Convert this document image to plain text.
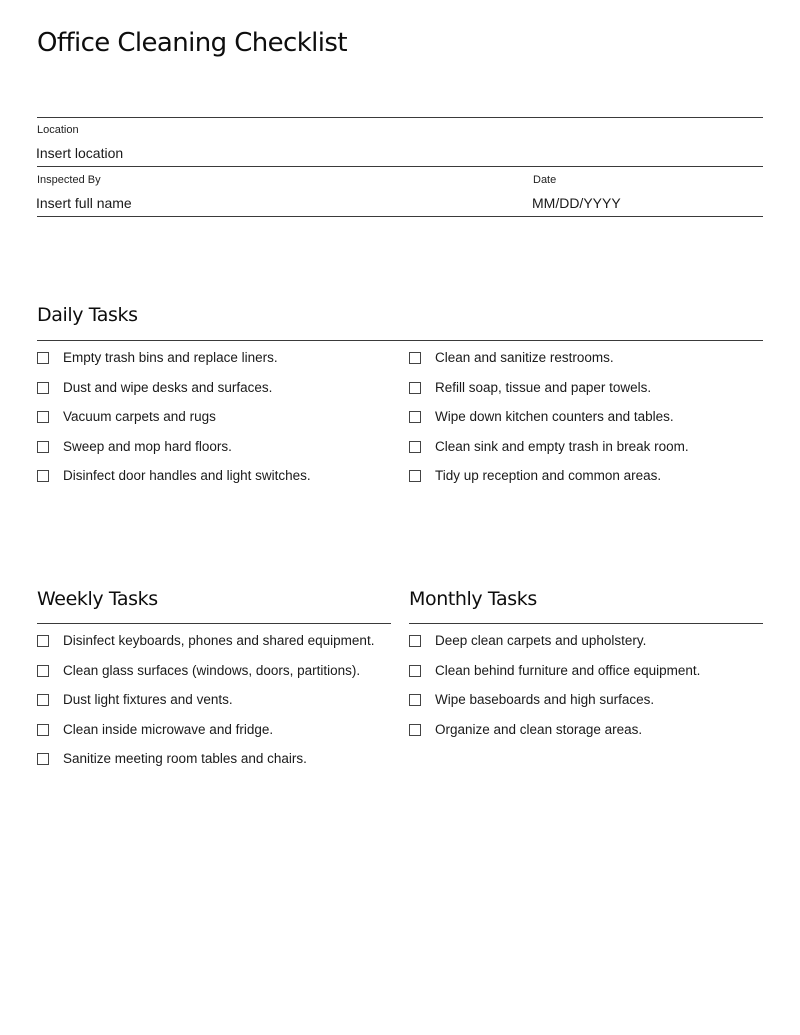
Office Cleaning Checklist
Location
Insert location
Inspected By
Insert full name
Date
MM/DD/YYYY
Daily Tasks
Empty trash bins and replace liners.
Dust and wipe desks and surfaces.
Vacuum carpets and rugs
Sweep and mop hard floors.
Disinfect door handles and light switches.
Clean and sanitize restrooms.
Refill soap, tissue and paper towels.
Wipe down kitchen counters and tables.
Clean sink and empty trash in break room.
Tidy up reception and common areas.
Weekly Tasks
Disinfect keyboards, phones and shared equipment.
Clean glass surfaces (windows, doors, partitions).
Dust light fixtures and vents.
Clean inside microwave and fridge.
Sanitize meeting room tables and chairs.
Monthly Tasks
Deep clean carpets and upholstery.
Clean behind furniture and office equipment.
Wipe baseboards and high surfaces.
Organize and clean storage areas.
